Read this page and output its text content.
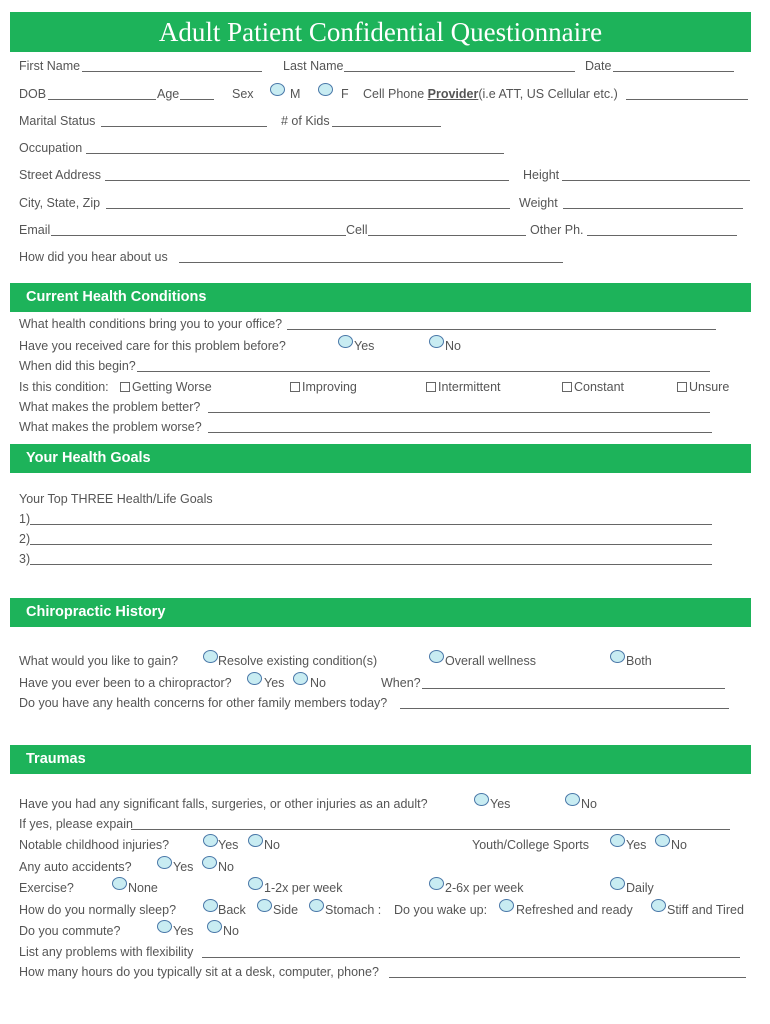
Adult Patient Confidential Questionnaire
First Name	Last Name	Date
DOB	Age	Sex	M	F Cell Phone Provider(i.e ATT, US Cellular etc.)
Marital Status	# of Kids
Occupation
Street Address	Height
City, State, Zip	Weight
Email	Cell	Other Ph.
How did you hear about us
Current Health Conditions
What health conditions bring you to your office?
Have you received care for this problem before?	Yes	No
When did this begin?
Is this condition:	Getting Worse	Improving	Intermittent	Constant	Unsure
What makes the problem better?
What makes the problem worse?
Your Health Goals
Your Top THREE Health/Life Goals
1)
2)
3)
Chiropractic History
What would you like to gain?	Resolve existing condition(s)	Overall wellness	Both
Have you ever been to a chiropractor?	Yes No	When?
Do you have any health concerns for other family members today?
Traumas
Have you had any significant falls, surgeries, or other injuries as an adult?	Yes	No
If yes, please expain
Notable childhood injuries?	Yes No	Youth/College Sports	Yes No
Any auto accidents?	Yes No
Exercise?	None	1-2x per week	2-6x per week	Daily
How do you normally sleep?	Back Side Stomach : Do you wake up: Refreshed and ready	Stiff and Tired
Do you commute?	Yes No
List any problems with flexibility
How many hours do you typically sit at a desk, computer, phone?
